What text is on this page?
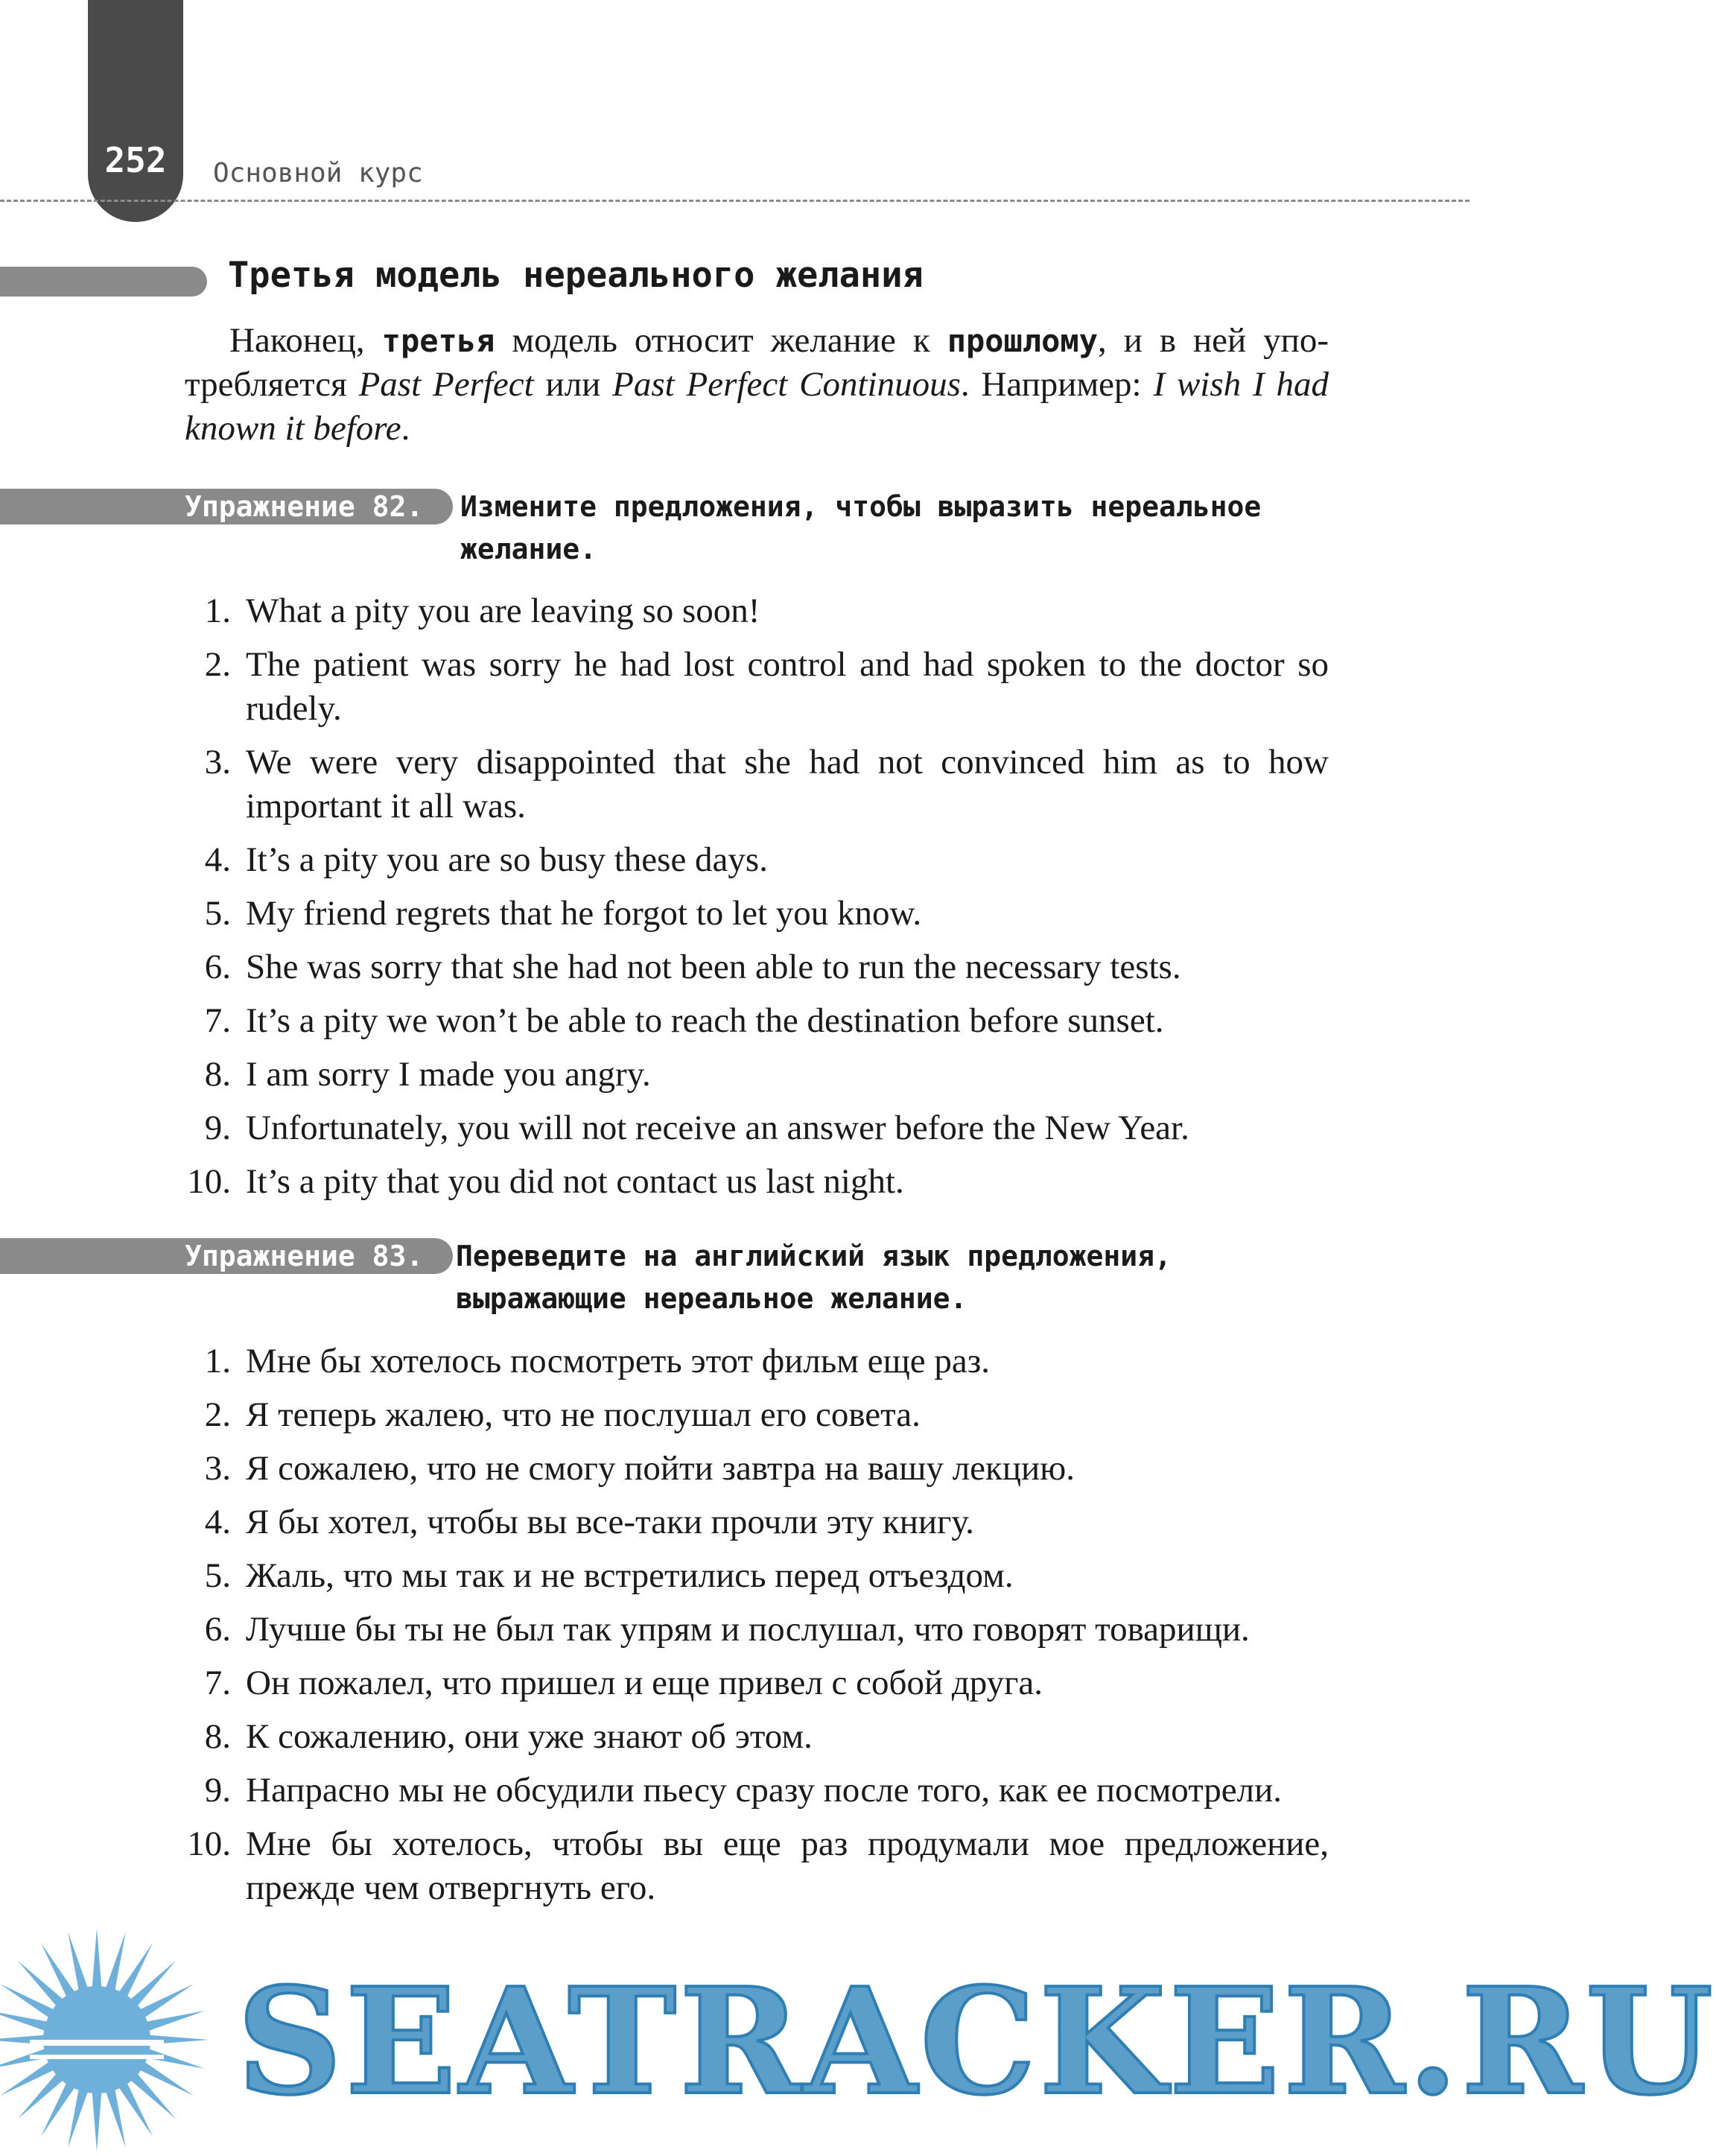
252	Основной курс
Третья модель нереального желания

Наконец, третья модель относит желание к прошлому, и в ней употребляется Past Perfect или Past Perfect Continuous. Например: I wish I had known it before.

Упражнение 82.	Измените предложения, чтобы выразить нереальное
желание.
1. What a pity you are leaving so soon!
2. The patient was sorry he had lost control and had spoken to the doctor so rudely.
3. We were very disappointed that she had not convinced him as to how important it all was.
4. It’s a pity you are so busy these days.
5. My friend regrets that he forgot to let you know.
6. She was sorry that she had not been able to run the necessary tests.
7. It’s a pity we won’t be able to reach the destination before sunset.
8. I am sorry I made you angry.
9. Unfortunately, you will not receive an answer before the New Year.
10. It’s a pity that you did not contact us last night.
Упражнение 83.	Переведите на английский язык предложения,
выражающие нереальное желание.
1. Мне бы хотелось посмотреть этот фильм еще раз.
2. Я теперь жалею, что не послушал его совета.
3. Я сожалею, что не смогу пойти завтра на вашу лекцию.
4. Я бы хотел, чтобы вы все-таки прочли эту книгу.
5. Жаль, что мы так и не встретились перед отъездом.
6. Лучше бы ты не был так упрям и послушал, что говорят товарищи.
7. Он пожалел, что пришел и еще привел с собой друга.
8. К сожалению, они уже знают об этом.
9. Напрасно мы не обсудили пьесу сразу после того, как ее посмотрели.
10. Мне бы хотелось, чтобы вы еще раз продумали мое предложение, прежде чем отвергнуть его.
SEATRACKER.RU
